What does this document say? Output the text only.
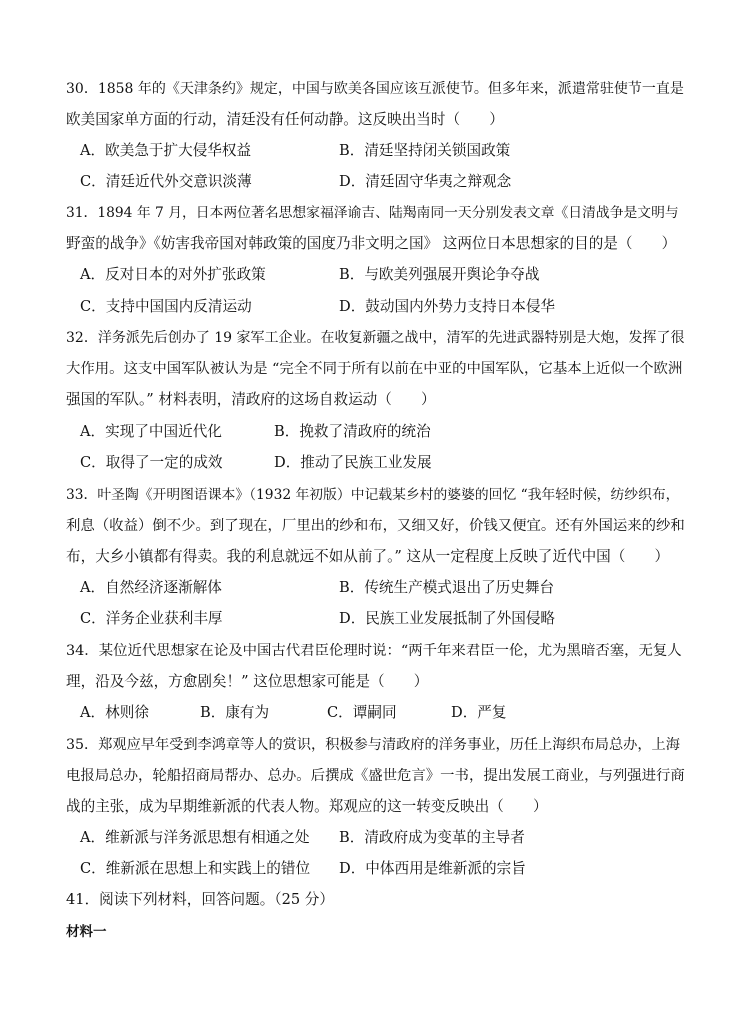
30．1858 年的《天津条约》规定，中国与欧美各国应该互派使节。但多年来，派遣常驻使节一直是
欧美国家单方面的行动，清廷没有任何动静。这反映出当时（　　）
A．欧美急于扩大侵华权益	B．清廷坚持闭关锁国政策
C．清廷近代外交意识淡薄	D．清廷固守华夷之辩观念
31．1894 年 7 月，日本两位著名思想家福泽谕吉、陆羯南同一天分别发表文章《日清战争是文明与
野蛮的战争》《妨害我帝国对韩政策的国度乃非文明之国》 这两位日本思想家的目的是（　　）
A．反对日本的对外扩张政策	B．与欧美列强展开舆论争夺战
C．支持中国国内反清运动	D．鼓动国内外势力支持日本侵华
32．洋务派先后创办了 19 家军工企业。在收复新疆之战中，清军的先进武器特别是大炮，发挥了很
大作用。这支中国军队被认为是 “完全不同于所有以前在中亚的中国军队，它基本上近似一个欧洲
强国的军队。” 材料表明，清政府的这场自救运动（　　）
A．实现了中国近代化	B．挽救了清政府的统治
C．取得了一定的成效	D．推动了民族工业发展
33．叶圣陶《开明图语课本》（1932 年初版）中记载某乡村的婆婆的回忆 “我年轻时候，纺纱织布，
利息（收益）倒不少。到了现在，厂里出的纱和布，又细又好，价钱又便宜。还有外国运来的纱和
布，大乡小镇都有得卖。我的利息就远不如从前了。” 这从一定程度上反映了近代中国（　　）
A．自然经济逐渐解体	B．传统生产模式退出了历史舞台
C．洋务企业获利丰厚	D．民族工业发展抵制了外国侵略
34．某位近代思想家在论及中国古代君臣伦理时说：“两千年来君臣一伦，尤为黑暗否塞，无复人
理，沿及今兹，方愈剧矣！” 这位思想家可能是（　　）
A．林则徐	B．康有为	C．谭嗣同	D．严复
35．郑观应早年受到李鸿章等人的赏识，积极参与清政府的洋务事业，历任上海织布局总办，上海
电报局总办，轮船招商局帮办、总办。后撰成《盛世危言》一书，提出发展工商业，与列强进行商
战的主张，成为早期维新派的代表人物。郑观应的这一转变反映出（　　）
A．维新派与洋务派思想有相通之处 B．清政府成为变革的主导者
C．维新派在思想上和实践上的错位 D．中体西用是维新派的宗旨
41．阅读下列材料，回答问题。（25 分）
材料一
